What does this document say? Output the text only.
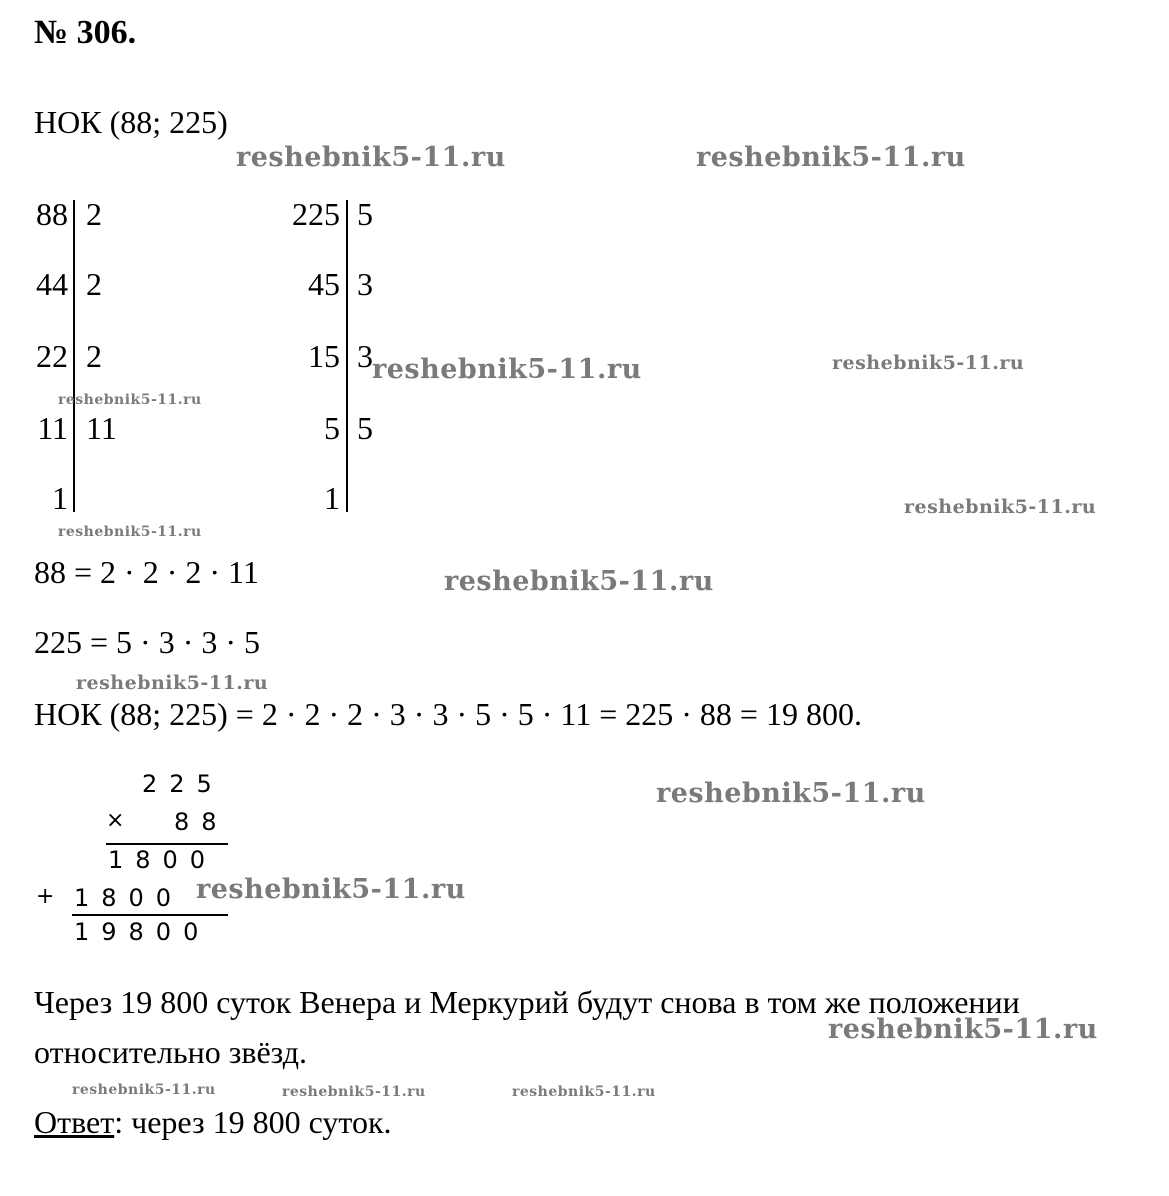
№ 306.
НОК (88; 225)
88 2
44 2
22 2
11 11
1
225 5
45 3
15 3
5 5
1
88 = 2 · 2 · 2 · 11
225 = 5 · 3 · 3 · 5
НОК (88; 225) = 2 · 2 · 2 · 3 · 3 · 5 · 5 · 11 = 225 · 88 = 19 800.
225
× 88
1800
+ 1800
19800
Через 19 800 суток Венера и Меркурий будут снова в том же положении
относительно звёзд.
Ответ: через 19 800 суток.
reshebnik5-11.ru	reshebnik5-11.ru
reshebnik5-11.ru	reshebnik5-11.ru
reshebnik5-11.ru
reshebnik5-11.ru
reshebnik5-11.ru
reshebnik5-11.ru
reshebnik5-11.ru
reshebnik5-11.ru
reshebnik5-11.ru
reshebnik5-11.ru
reshebnik5-11.ru	reshebnik5-11.ru	reshebnik5-11.ru
